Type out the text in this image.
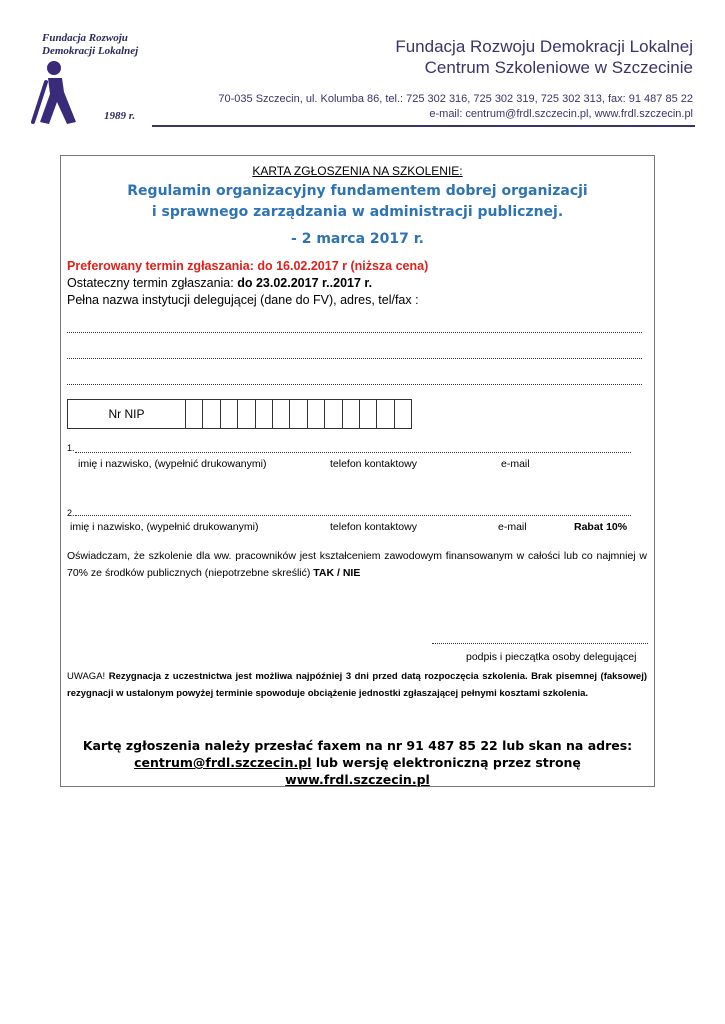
Fundacja Rozwoju
Demokracji Lokalnej
1989 r.
Fundacja Rozwoju Demokracji Lokalnej
Centrum Szkoleniowe w Szczecinie
70-035 Szczecin, ul. Kolumba 86, tel.: 725 302 316, 725 302 319, 725 302 313, fax: 91 487 85 22
e-mail: centrum@frdl.szczecin.pl, www.frdl.szczecin.pl
KARTA ZGŁOSZENIA NA SZKOLENIE:
Regulamin organizacyjny fundamentem dobrej organizacji
i sprawnego zarządzania w administracji publicznej.
- 2 marca 2017 r.
Preferowany termin zgłaszania: do 16.02.2017 r (niższa cena)
Ostateczny termin zgłaszania: do 23.02.2017 r..2017 r.
Pełna nazwa instytucji delegującej (dane do FV), adres, tel/fax :
Nr NIP
1.
imię i nazwisko, (wypełnić drukowanymi)	telefon kontaktowy	e-mail
2.
imię i nazwisko, (wypełnić drukowanymi)	telefon kontaktowy	e-mail	Rabat 10%
Oświadczam, że szkolenie dla ww. pracowników jest kształceniem zawodowym finansowanym w całości lub co najmniej w 70% ze środków publicznych (niepotrzebne skreślić) TAK / NIE
podpis i pieczątka osoby delegującej
UWAGA! Rezygnacja z uczestnictwa jest możliwa najpóźniej 3 dni przed datą rozpoczęcia szkolenia. Brak pisemnej (faksowej) rezygnacji w ustalonym powyżej terminie spowoduje obciążenie jednostki zgłaszającej pełnymi kosztami szkolenia.
Kartę zgłoszenia należy przesłać faxem na nr 91 487 85 22 lub skan na adres:
centrum@frdl.szczecin.pl lub wersję elektroniczną przez stronę www.frdl.szczecin.pl
